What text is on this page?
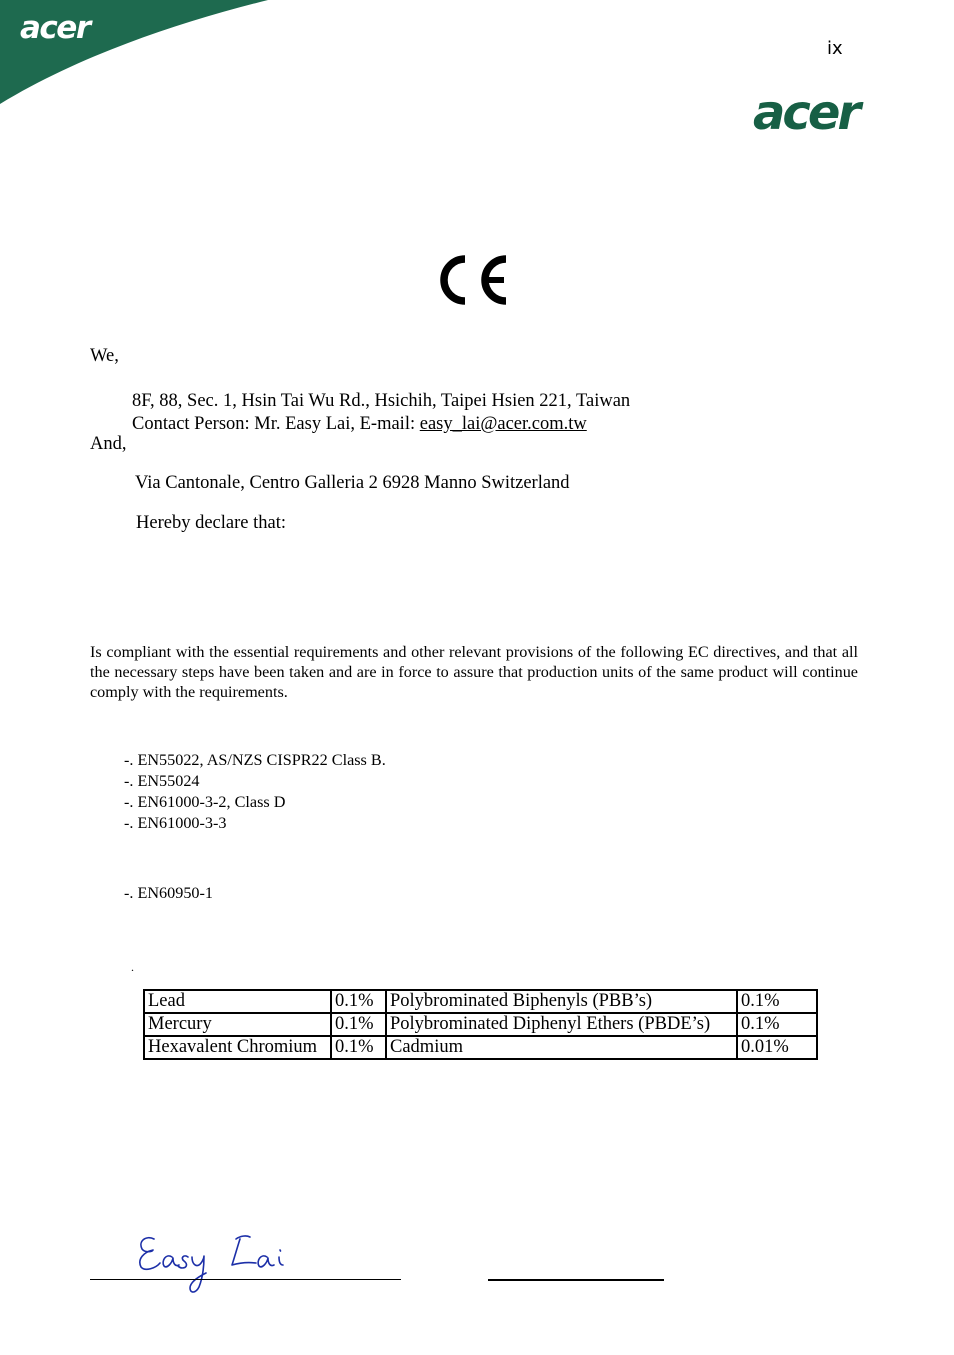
acer
ix
acer
We,
8F, 88, Sec. 1, Hsin Tai Wu Rd., Hsichih, Taipei Hsien 221, Taiwan
Contact Person: Mr. Easy Lai, E-mail: easy_lai@acer.com.tw
And,
Via Cantonale, Centro Galleria 2 6928 Manno Switzerland
Hereby declare that:
Is compliant with the essential requirements and other relevant provisions of the following EC directives, and that all the necessary steps have been taken and are in force to assure that production units of the same product will continue comply with the requirements.
-. EN55022, AS/NZS CISPR22 Class B.
-. EN55024
-. EN61000-3-2, Class D
-. EN61000-3-3
-. EN60950-1
.
Lead	0.1%	Polybrominated Biphenyls (PBB’s)	0.1%
Mercury	0.1%	Polybrominated Diphenyl Ethers (PBDE’s)	0.1%
Hexavalent Chromium	0.1%	Cadmium	0.01%
